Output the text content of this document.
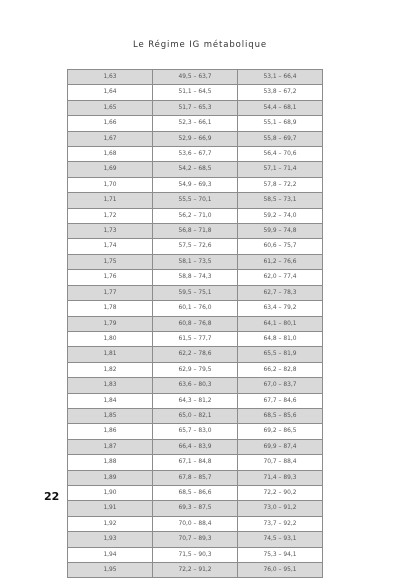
Le Régime IG métabolique
1,63	49,5 – 63,7	53,1 – 66,4
1,64	51,1 – 64,5	53,8 – 67,2
1,65	51,7 – 65,3	54,4 – 68,1
1,66	52,3 – 66,1	55,1 – 68,9
1,67	52,9 – 66,9	55,8 – 69,7
1,68	53,6 – 67,7	56,4 – 70,6
1,69	54,2 – 68,5	57,1 – 71,4
1,70	54,9 – 69,3	57,8 – 72,2
1,71	55,5 – 70,1	58,5 – 73,1
1,72	56,2 – 71,0	59,2 – 74,0
1,73	56,8 – 71,8	59,9 – 74,8
1,74	57,5 – 72,6	60,6 – 75,7
1,75	58,1 – 73,5	61,2 – 76,6
1,76	58,8 – 74,3	62,0 – 77,4
1,77	59,5 – 75,1	62,7 – 78,3
1,78	60,1 – 76,0	63,4 – 79,2
1,79	60,8 – 76,8	64,1 – 80,1
1,80	61,5 – 77,7	64,8 – 81,0
1,81	62,2 – 78,6	65,5 – 81,9
1,82	62,9 – 79,5	66,2 – 82,8
1,83	63,6 – 80,3	67,0 – 83,7
1,84	64,3 – 81,2	67,7 – 84,6
1,85	65,0 – 82,1	68,5 – 85,6
1,86	65,7 – 83,0	69,2 – 86,5
1,87	66,4 – 83,9	69,9 – 87,4
1,88	67,1 – 84,8	70,7 – 88,4
1,89	67,8 – 85,7	71,4 – 89,3
1,90	68,5 – 86,6	72,2 – 90,2
1,91	69,3 – 87,5	73,0 – 91,2
1,92	70,0 – 88,4	73,7 – 92,2
1,93	70,7 – 89,3	74,5 – 93,1
1,94	71,5 – 90,3	75,3 – 94,1
1,95	72,2 – 91,2	76,0 – 95,1
22
